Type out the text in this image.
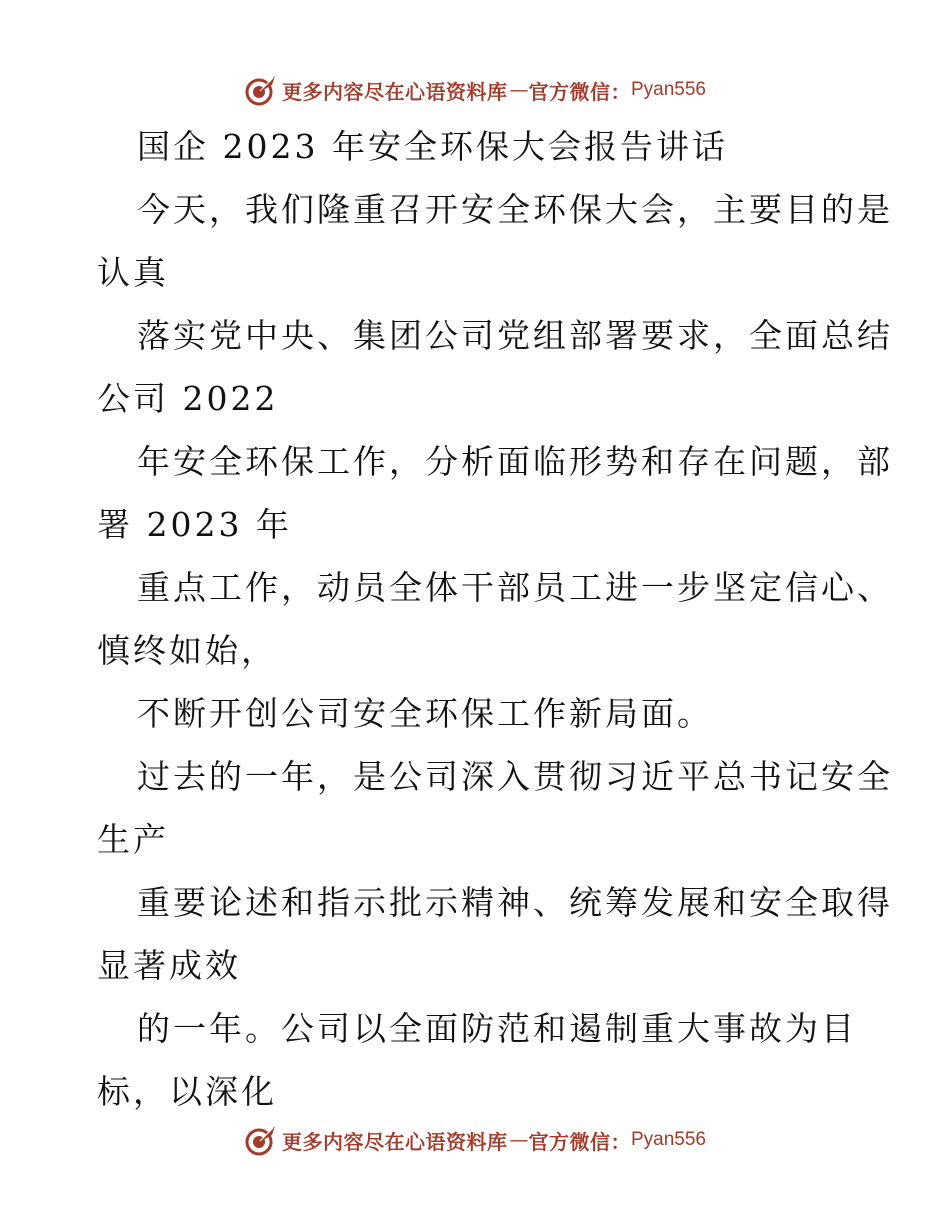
更多内容尽在心语资料库 — 官方微信： Pyan556

国企 2023 年安全环保大会报告讲话

今天，我们隆重召开安全环保大会，主要目的是

认真

落实党中央、集团公司党组部署要求，全面总结

公司 2022

年安全环保工作，分析面临形势和存在问题，部

署 2023 年

重点工作，动员全体干部员工进一步坚定信心、

慎终如始，

不断开创公司安全环保工作新局面。

过去的一年，是公司深入贯彻习近平总书记安全

生产

重要论述和指示批示精神、统筹发展和安全取得

显著成效

的一年。公司以全面防范和遏制重大事故为目

标，以深化

更多内容尽在心语资料库 — 官方微信： Pyan556
